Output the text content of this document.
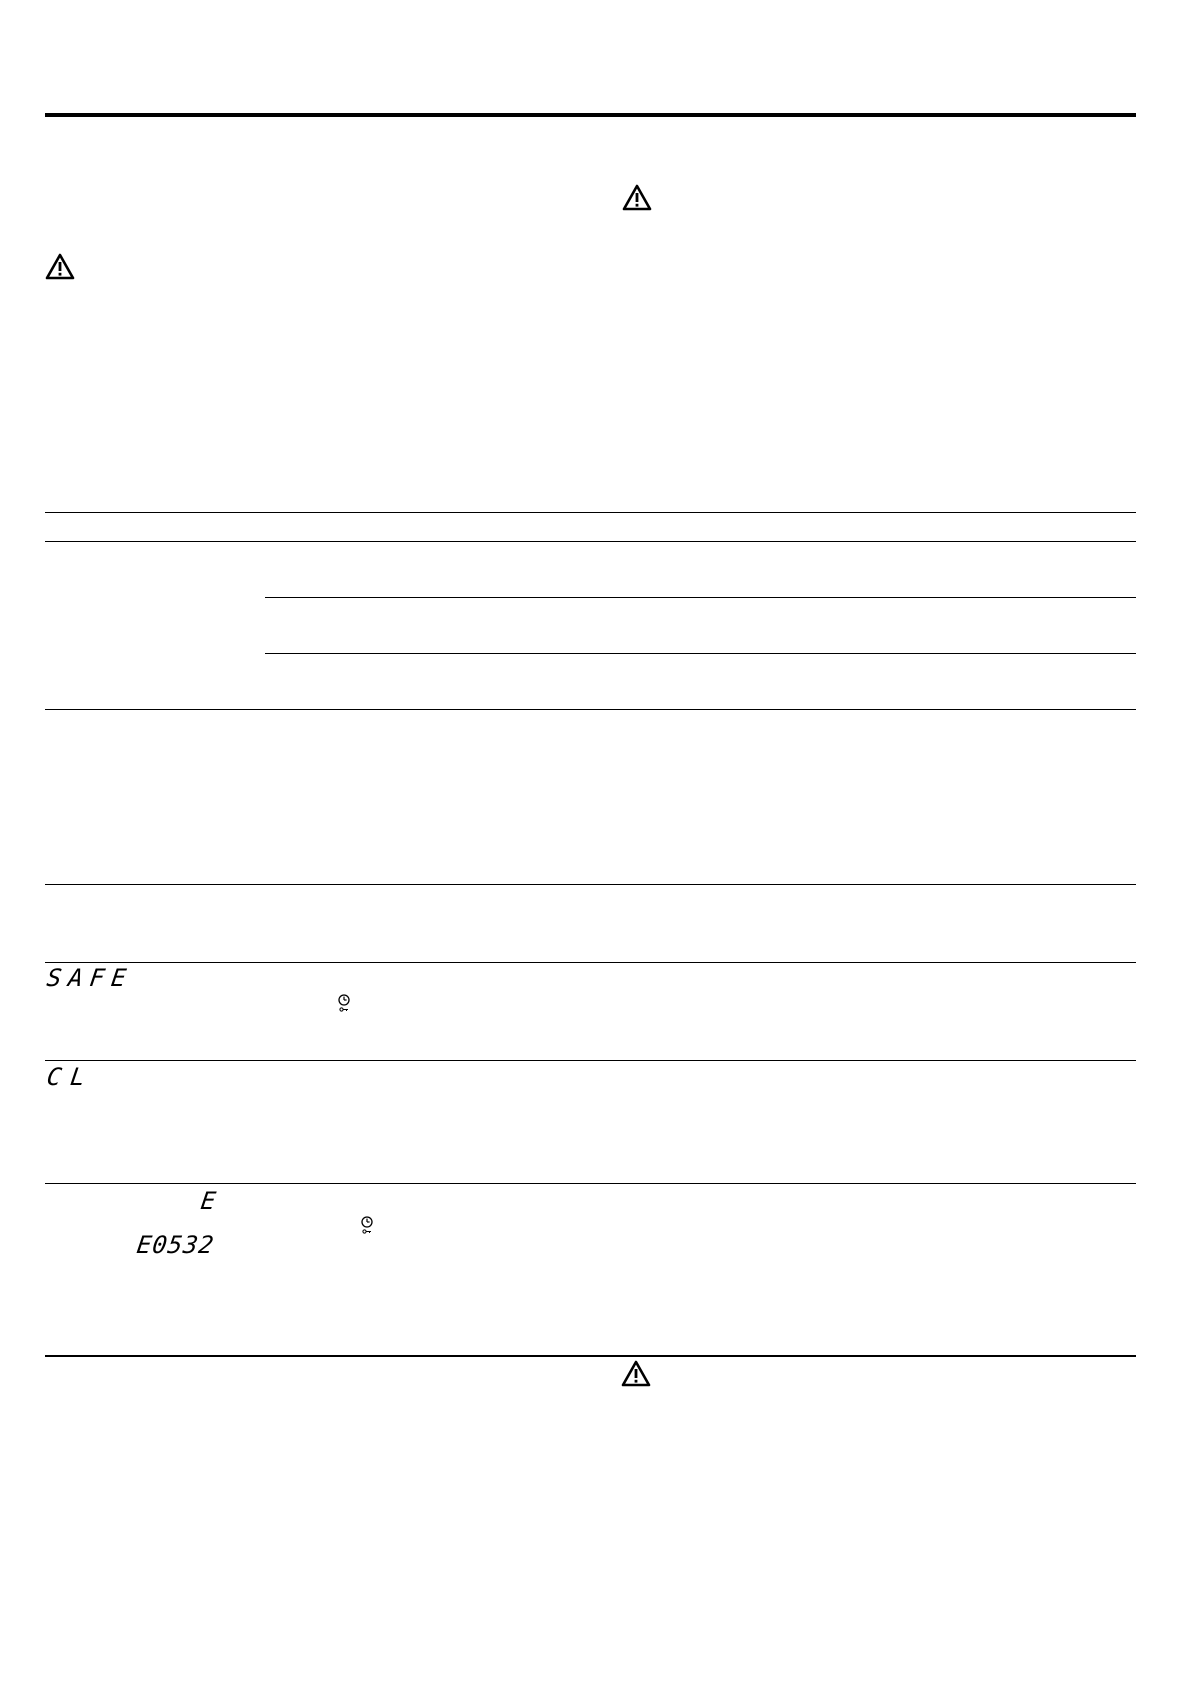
SAFE
CL
E
E0532
